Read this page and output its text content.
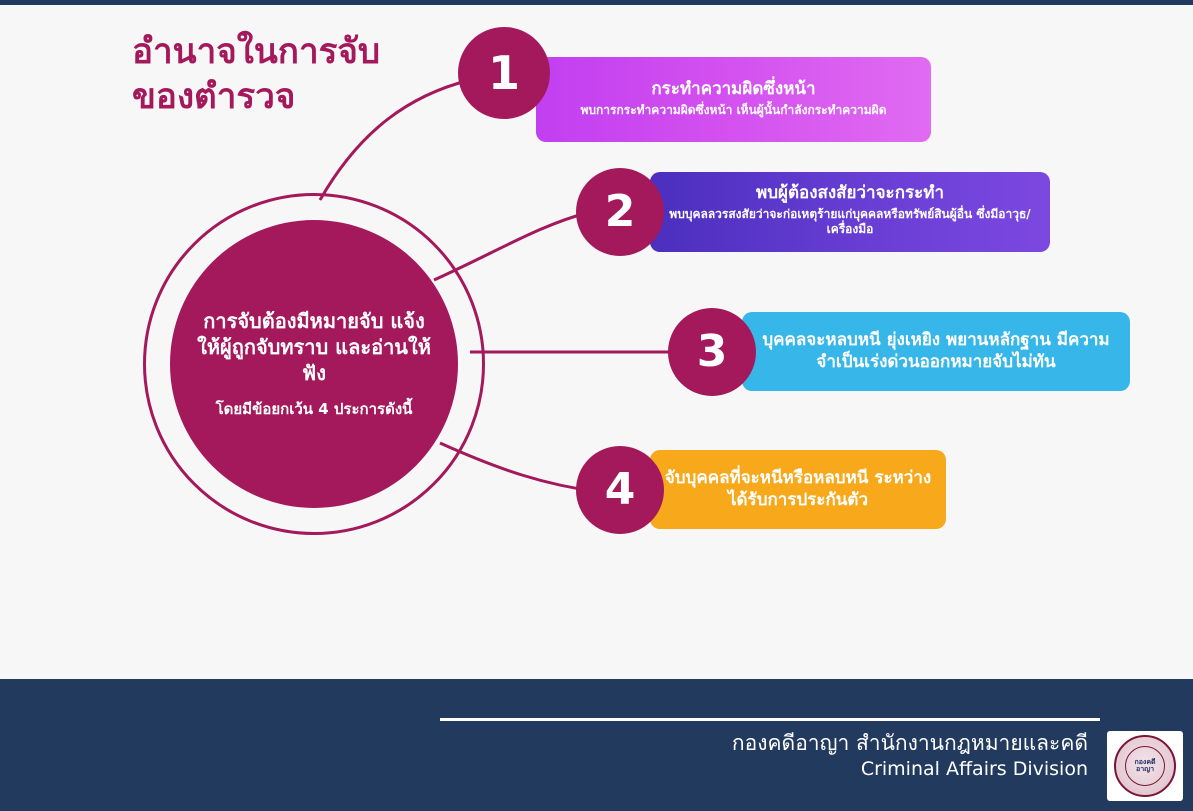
อำนาจในการจับ
ของตำรวจ
การจับต้องมีหมายจับ แจ้งให้ผู้ถูกจับทราบ และอ่านให้ฟัง
โดยมีข้อยกเว้น 4 ประการดังนี้
กระทำความผิดซึ่งหน้า
พบการกระทำความผิดซึ่งหน้า เห็นผู้นั้นกำลังกระทำความผิด
1
พบผู้ต้องสงสัยว่าจะกระทำ
พบบุคลลวรสงสัยว่าจะก่อเหตุร้ายแก่บุคคลหรือทรัพย์สินผู้อื่น ซึ่งมีอาวุธ/เครื่องมือ
2
บุคคลจะหลบหนี ยุ่งเหยิง พยานหลักฐาน มีความจำเป็นเร่งด่วนออกหมายจับไม่ทัน
3
จับบุคคลที่จะหนีหรือหลบหนี ระหว่างได้รับการประกันตัว
4
กองคดีอาญา สำนักงานกฎหมายและคดี
Criminal Affairs Division	กองคดีอาญา
